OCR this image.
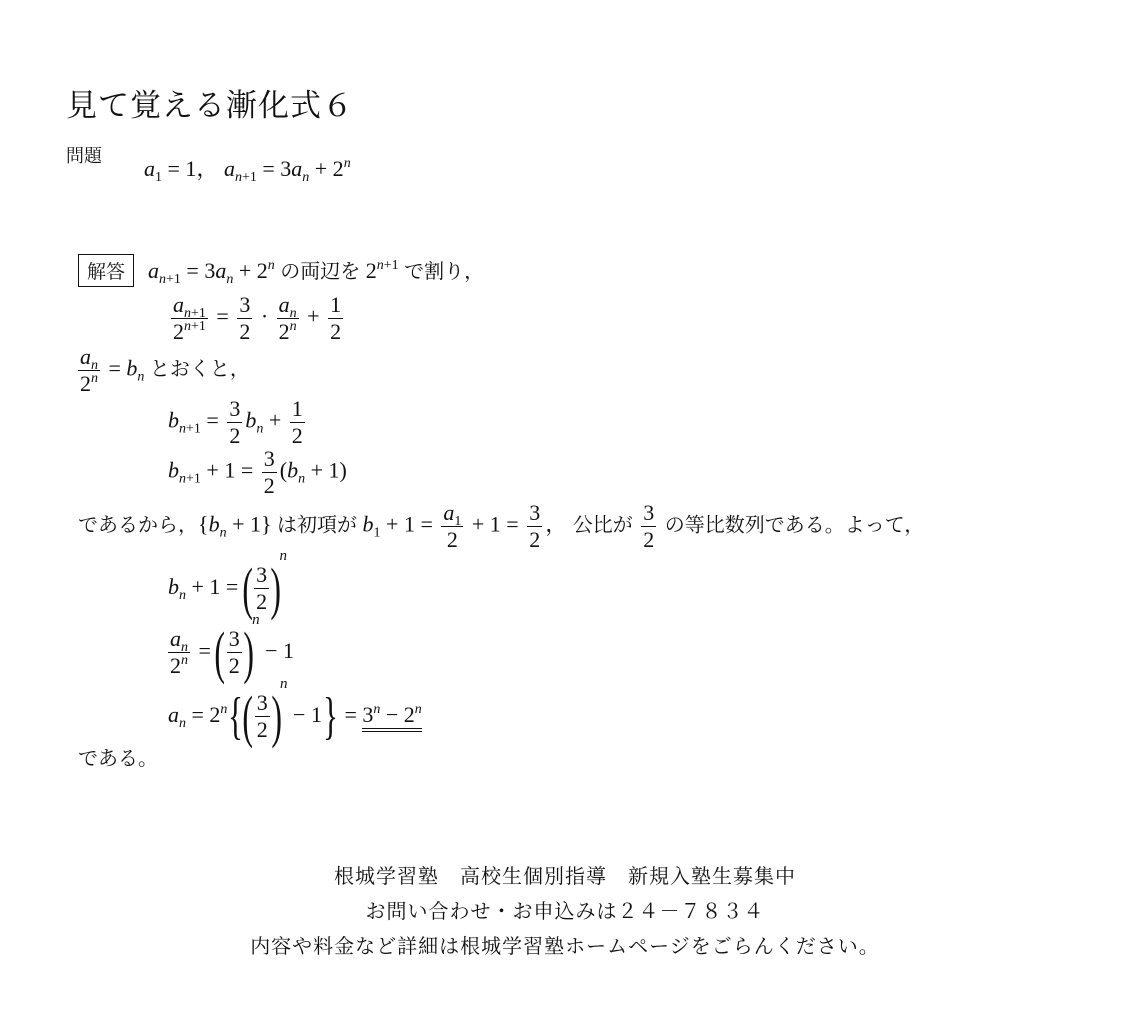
見て覚える漸化式６
問題 $a_1 = 1$， $a_{n+1} = 3a_n + 2^n$
解答 $a_{n+1} = 3a_n + 2^n$ の両辺を $2^{n+1}$ で割り，
$\frac{a_{n+1}}{2^{n+1}} = \frac{3}{2} \cdot \frac{a_n}{2^n} + \frac{1}{2}$
$\frac{a_n}{2^n} = b_n$ とおくと，
$b_{n+1} = \frac{3}{2} b_n + \frac{1}{2}$
$b_{n+1} + 1 = \frac{3}{2} (b_n + 1)$
であるから，$\{b_n + 1\}$ は初項が $b_1 + 1 = \frac{a_1}{2} + 1 = \frac{3}{2}$ ， 公比が $\frac{3}{2}$ の等比数列である。よって，
$b_n + 1$ = ( $\frac{3}{2} )n$
$\frac{a_n}{2^n}$ = ( $\frac{3}{2} )n - 1$
$a_n = 2^n\{( \frac{3}{2} )n - 1\} = 3^n - 2^n$
である。
根城学習塾　高校生個別指導　新規入塾生募集中
お問い合わせ・お申込みは２４－７８３４
内容や料金など詳細は根城学習塾ホームページをごらんください。
